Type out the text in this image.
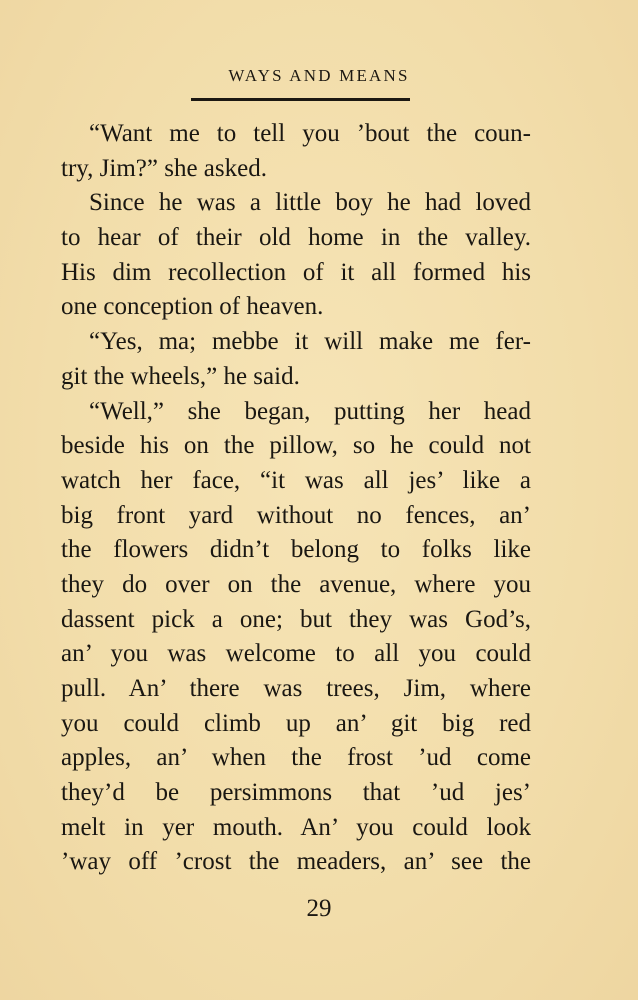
WAYS AND MEANS
“Want me to tell you ’bout the coun-
try, Jim?” she asked.
Since he was a little boy he had loved
to hear of their old home in the valley.
His dim recollection of it all formed his
one conception of heaven.
“Yes, ma; mebbe it will make me fer-
git the wheels,” he said.
“Well,” she began, putting her head
beside his on the pillow, so he could not
watch her face, “it was all jes’ like a
big front yard without no fences, an’
the flowers didn’t belong to folks like
they do over on the avenue, where you
dassent pick a one; but they was God’s,
an’ you was welcome to all you could
pull. An’ there was trees, Jim, where
you could climb up an’ git big red
apples, an’ when the frost ’ud come
they’d be persimmons that ’ud jes’
melt in yer mouth. An’ you could look
’way off ’crost the meaders, an’ see the
29
